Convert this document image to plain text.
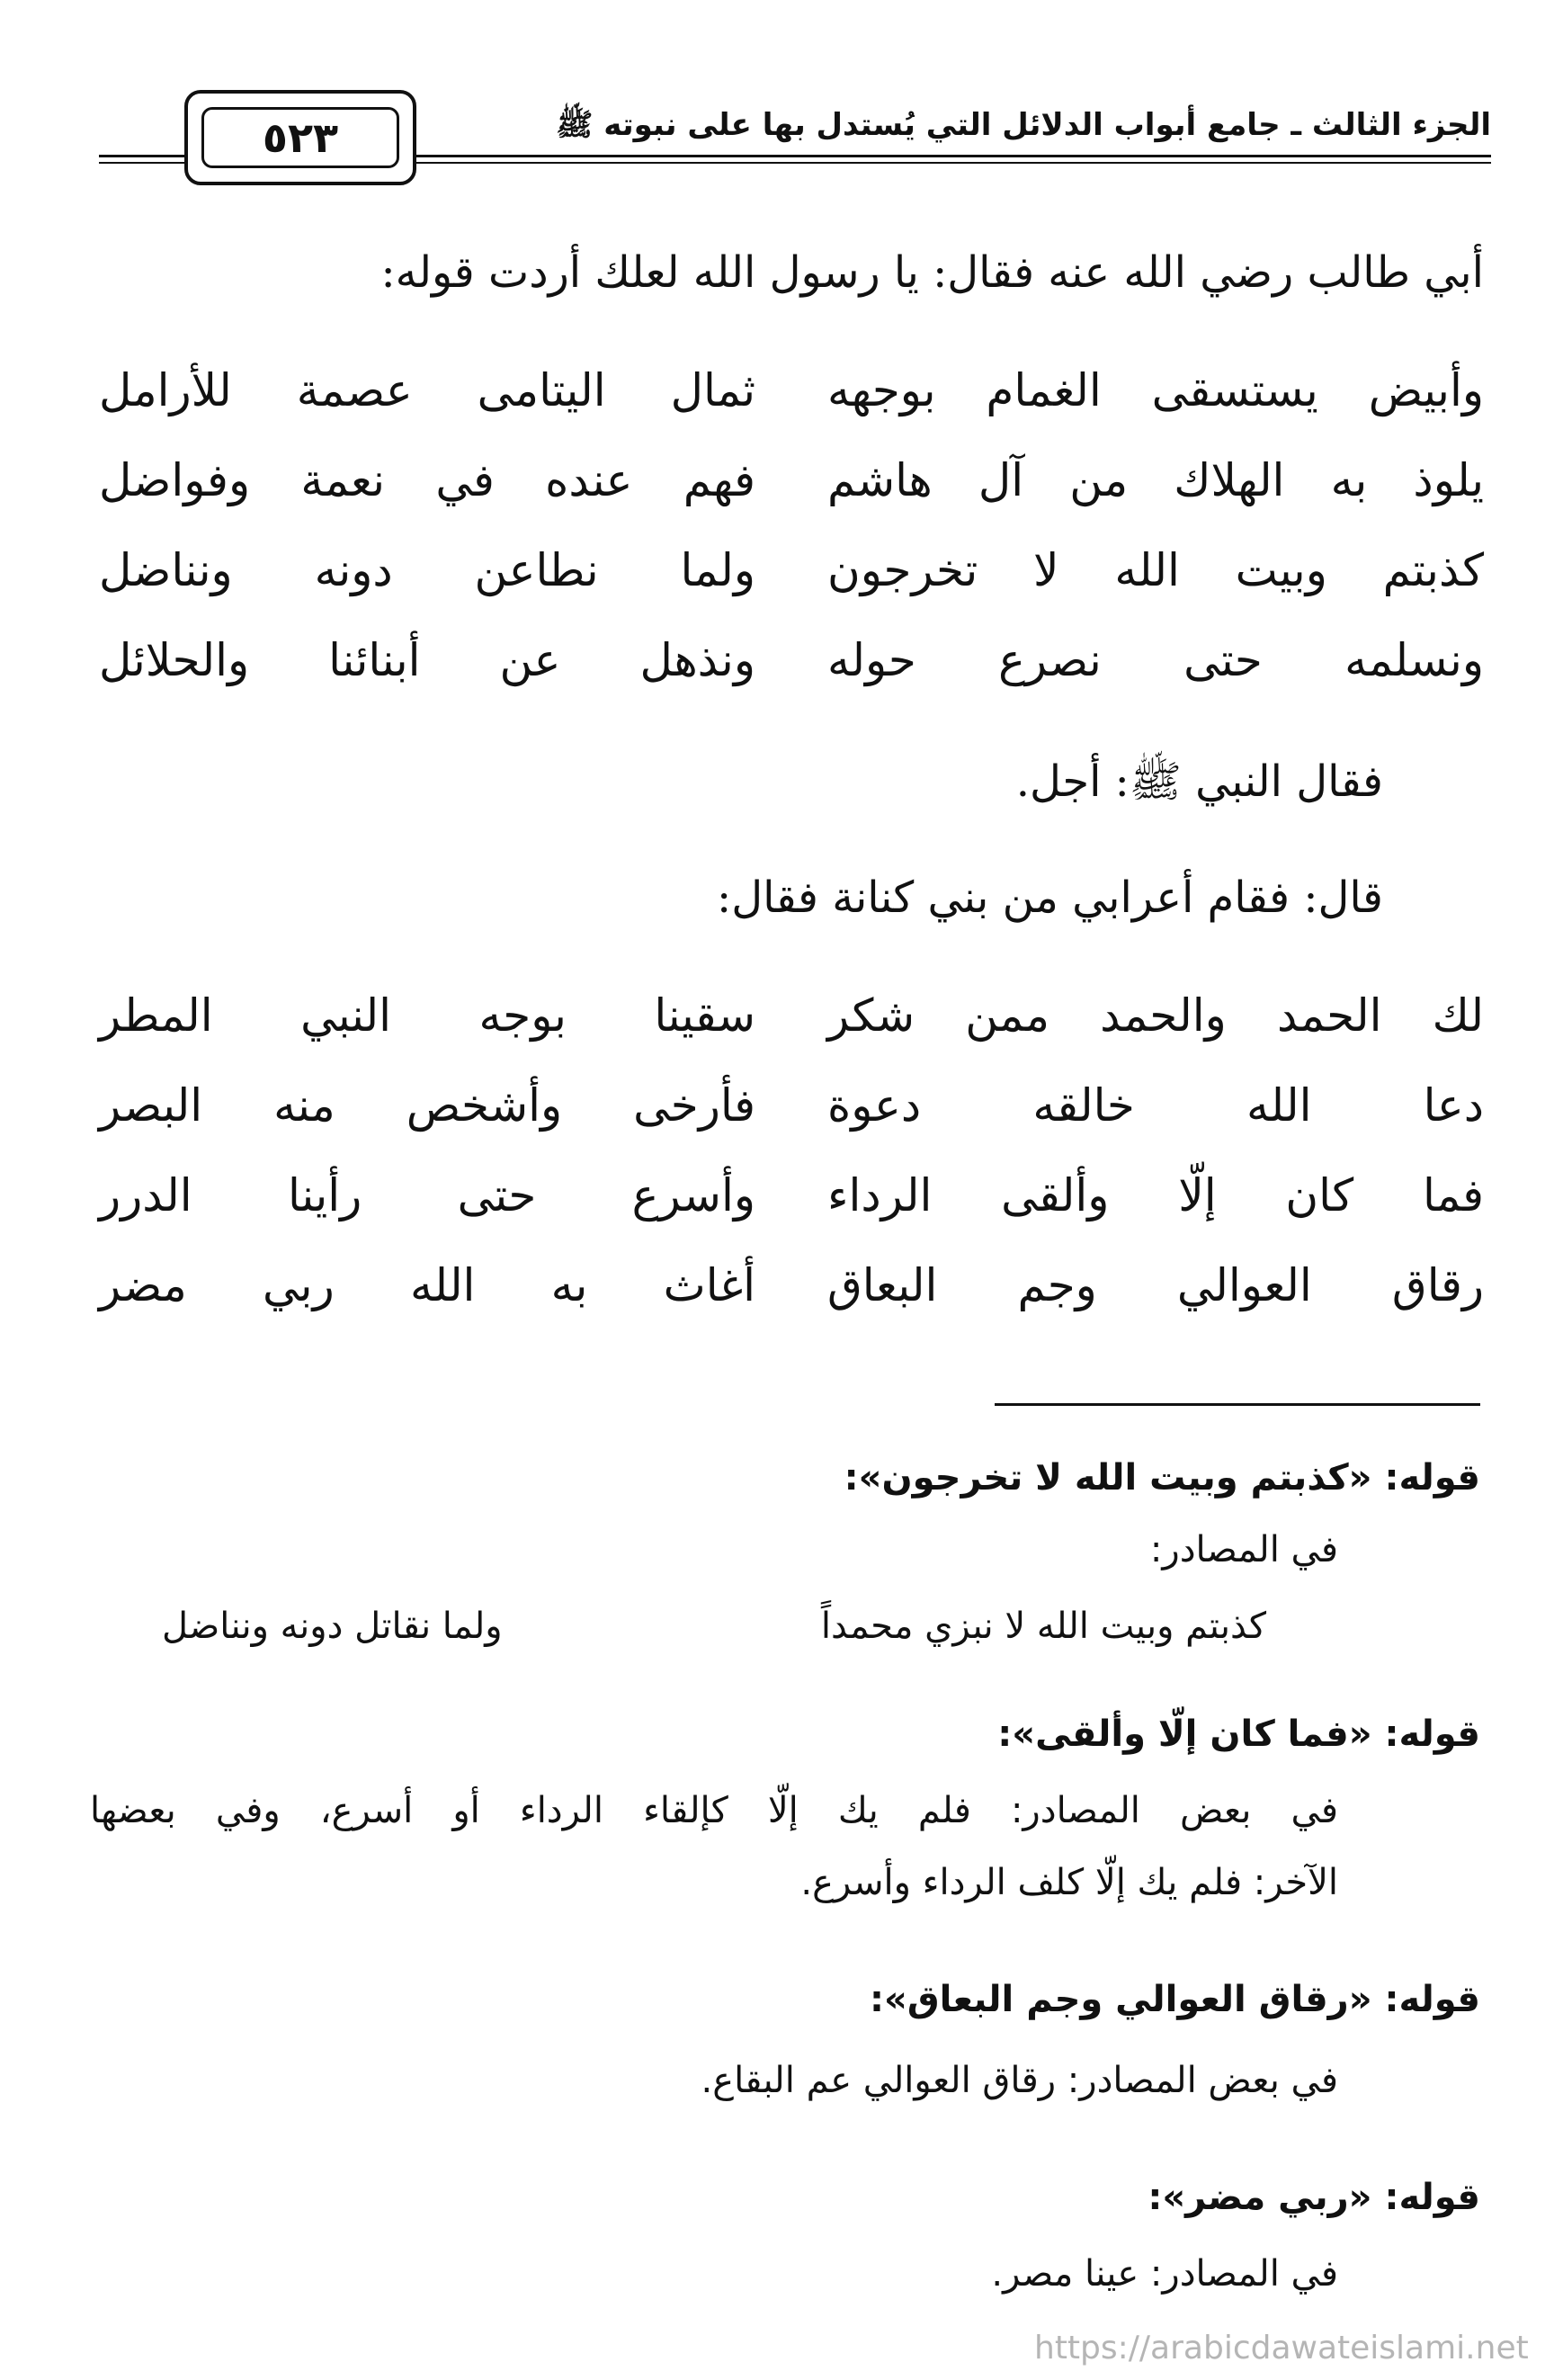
الجزء الثالث ـ جامع أبواب الدلائل التي يُستدل بها على نبوته ﷺ
٥٢٣
أبي طالب رضي الله عنه فقال: يا رسول الله لعلك أردت قوله:
وأبيض يستسقى الغمام بوجهه
ثمال اليتامى عصمة للأرامل
يلوذ به الهلاك من آل هاشم
فهم عنده في نعمة وفواضل
كذبتم وبيت الله لا تخرجون
ولما نطاعن دونه ونناضل
ونسلمه حتى نصرع حوله
ونذهل عن أبنائنا والحلائل
فقال النبي ﷺ: أجل.
قال: فقام أعرابي من بني كنانة فقال:
لك الحمد والحمد ممن شكر
سقينا بوجه النبي المطر
دعا الله خالقه دعوة
فأرخى وأشخص منه البصر
فما كان إلّا وألقى الرداء
وأسرع حتى رأينا الدرر
رقاق العوالي وجم البعاق
أغاث به الله ربي مضر
قوله: «كذبتم وبيت الله لا تخرجون»:
في المصادر:
كذبتم وبيت الله لا نبزي محمداً
ولما نقاتل دونه ونناضل
قوله: «فما كان إلّا وألقى»:
في بعض المصادر: فلم يك إلّا كإلقاء الرداء أو أسرع، وفي بعضها
الآخر: فلم يك إلّا كلف الرداء وأسرع.
قوله: «رقاق العوالي وجم البعاق»:
في بعض المصادر: رقاق العوالي عم البقاع.
قوله: «ربي مضر»:
في المصادر: عينا مصر.
https://arabicdawateislami.net
